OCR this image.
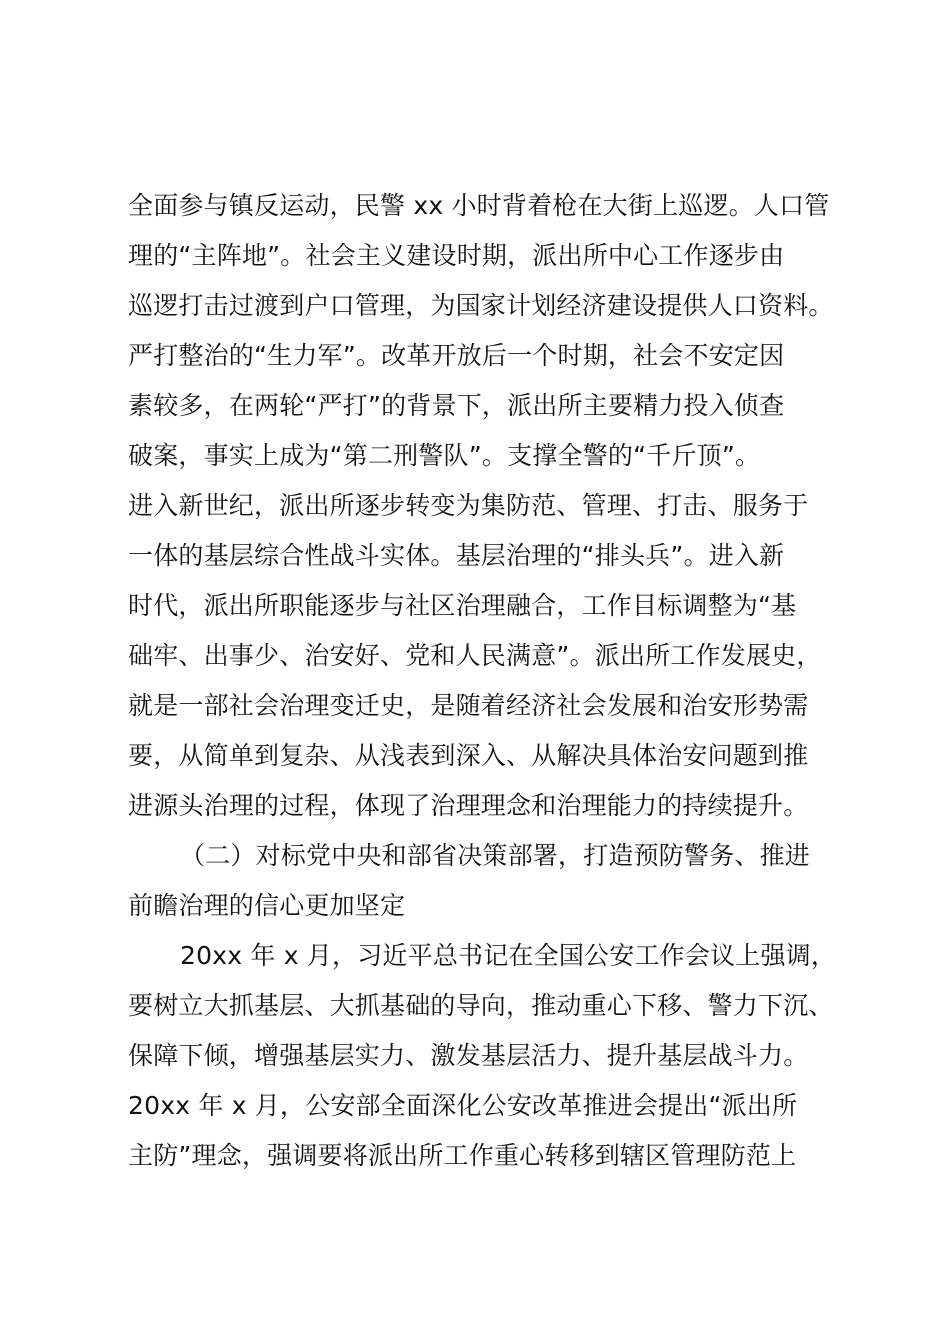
全面参与镇反运动，民警 xx 小时背着枪在大街上巡逻。人口管
理的“主阵地”。社会主义建设时期，派出所中心工作逐步由
巡逻打击过渡到户口管理，为国家计划经济建设提供人口资料。
严打整治的“生力军”。改革开放后一个时期，社会不安定因
素较多，在两轮“严打”的背景下，派出所主要精力投入侦查
破案，事实上成为“第二刑警队”。支撑全警的“千斤顶”。
进入新世纪，派出所逐步转变为集防范、管理、打击、服务于
一体的基层综合性战斗实体。基层治理的“排头兵”。进入新
时代，派出所职能逐步与社区治理融合，工作目标调整为“基
础牢、出事少、治安好、党和人民满意”。派出所工作发展史，
就是一部社会治理变迁史，是随着经济社会发展和治安形势需
要，从简单到复杂、从浅表到深入、从解决具体治安问题到推
进源头治理的过程，体现了治理理念和治理能力的持续提升。
（二）对标党中央和部省决策部署，打造预防警务、推进
前瞻治理的信心更加坚定
20xx 年 x 月，习近平总书记在全国公安工作会议上强调，
要树立大抓基层、大抓基础的导向，推动重心下移、警力下沉、
保障下倾，增强基层实力、激发基层活力、提升基层战斗力。
20xx 年 x 月，公安部全面深化公安改革推进会提出“派出所
主防”理念，强调要将派出所工作重心转移到辖区管理防范上
